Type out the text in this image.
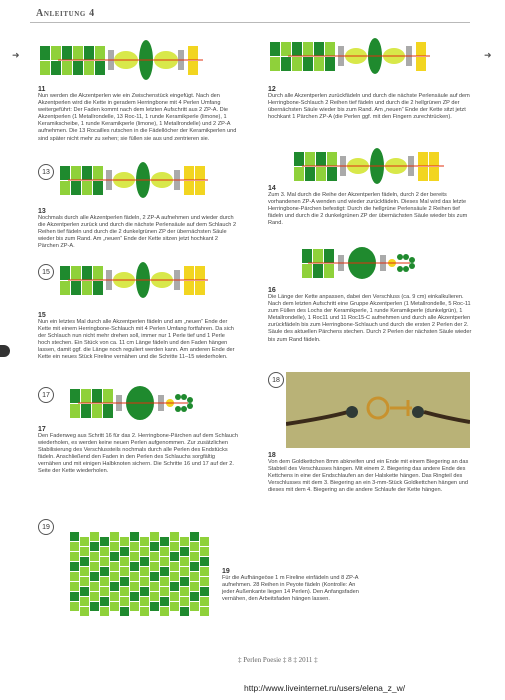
Anleitung 4
➜	➜
11
Nun werden die Akzentperlen wie ein Zwischenstück eingefügt. Nach den Akzentperlen wird die Kette in geradem Herringbone mit 4 Perlen Umfang weitergeführt: Der Faden kommt nach dem letzten Aufschritt aus 2 ZP-A. Die Akzentperlen (1 Metallrondelle, 13 Roc-11, 1 runde Keramikperle (limone), 1 Keramikscheibe, 1 runde Keramikperle (limone), 1 Metallrondelle) und 2 ZP-A aufnehmen. Die 13 Rocailles rutschen in die Fädellöcher der Keramikperlen und sind später nicht mehr zu sehen; sie füllen sie aus und zentrieren sie.
13
13
Nochmals durch alle Akzentperlen fädeln, 2 ZP-A aufnehmen und wieder durch die Akzentperlen zurück und durch die nächste Perlensäule auf dem Schlauch 2 Reihen tief fädeln und durch die 2 dunkelgrünen ZP der übernächsten Säule wieder bis zum Rand. Am „neuen“ Ende der Kette sitzen jetzt hochkant 2 Pärchen ZP-A.
15
15
Nun ein letztes Mal durch alle Akzentperlen fädeln und am „neuen“ Ende der Kette mit einem Herringbone-Schlauch mit 4 Perlen Umfang fortfahren. Da sich der Schlauch nun nicht mehr drehen soll, immer nur 1 Perle tief und 1 Perle hoch stechen. Ein Stück von ca. 11 cm Länge fädeln und den Faden hängen lassen, damit ggf. die Länge noch reguliert werden kann. Am anderen Ende der Kette ein neues Stück Fireline vernähen und die Schritte 11–15 wiederholen.
17
17
Den Fadenweg aus Schritt 16 für das 2. Herringbone-Pärchen auf dem Schlauch wiederholen, es werden keine neuen Perlen aufgenommen. Zur zusätzlichen Stabilisierung des Verschlussteils nochmals durch alle Perlen des Endstücks fädeln. Anschließend den Faden in den Perlen des Schlauchs sorgfältig vernähen und mit einigen Halbknoten sichern. Die Schritte 16 und 17 auf der 2. Seite der Kette wiederholen.
12
Durch alle Akzentperlen zurückfädeln und durch die nächste Perlensäule auf dem Herringbone-Schlauch 2 Reihen tief fädeln und durch die 2 hellgrünen ZP der übernächsten Säule wieder bis zum Rand. Am „neuen“ Ende der Kette sitzt jetzt hochkant 1 Pärchen ZP-A (die Perlen ggf. mit den Fingern zurechtrücken).
14
Zum 3. Mal durch die Reihe der Akzentperlen fädeln, durch 2 der bereits vorhandenen ZP-A wenden und wieder zurückfädeln. Dieses Mal wird das letzte Herringbone-Pärchen befestigt: Durch die hellgrüne Perlensäule 2 Reihen tief fädeln und durch die 2 dunkelgrünen ZP der übernächsten Säule wieder bis zum Rand.
16
Die Länge der Kette anpassen, dabei den Verschluss (ca. 9 cm) einkalkulieren. Nach dem letzten Aufschritt eine Gruppe Akzentperlen (1 Metallrondelle, 5 Roc-11 zum Füllen des Lochs der Keramikperle, 1 runde Keramikperle (dunkelgrün), 1 Metallrondelle), 1 Roc11 und 11 Roc15-C aufnehmen und durch alle Akzentperlen zurückfädeln bis zum Herringbone-Schlauch und durch die ersten 2 Perlen der 2. Säule des aktuellen Pärchens stechen. Durch 2 Perlen der nächsten Säule wieder bis zum Rand fädeln.
18
18
Von dem Goldkettchen 8mm abkneifen und ein Ende mit einem Biegering an das Stabteil des Verschlusses hängen. Mit einem 2. Biegering das andere Ende des Kettchens in eine der Endschlaufen an der Halskette hängen. Das Ringteil des Verschlusses mit dem 3. Biegering an ein 3-mm-Stück Goldkettchen hängen und dieses mit dem 4. Biegering an die andere Schlaufe der Kette hängen.
19
19
Für die Aufhängeöse 1 m Fireline einfädeln und 8 ZP-A aufnehmen. 28 Reihen in Peyote fädeln (Kontrolle: An jeder Außenkante liegen 14 Perlen). Den Anfangsfaden vernähen, den Arbeitsfaden hängen lassen.
‡ Perlen Poesie ‡ 8 ‡ 2011 ‡
http://www.liveinternet.ru/users/elena_z_w/
